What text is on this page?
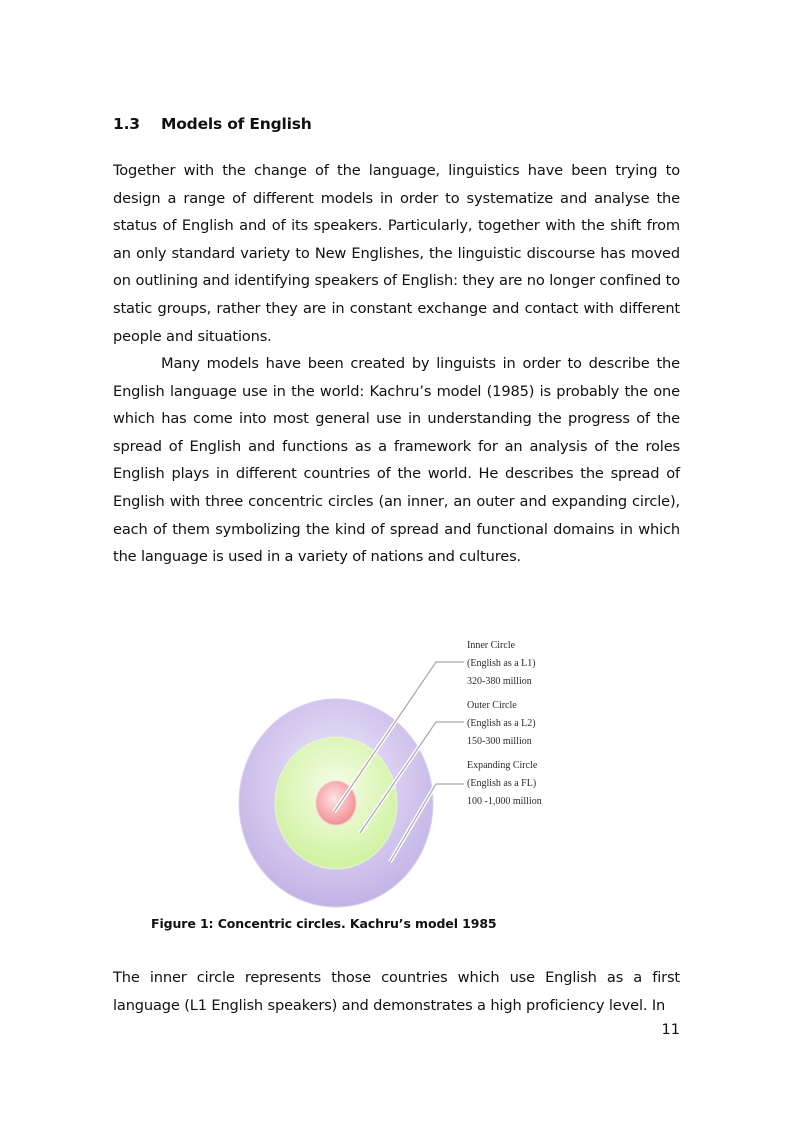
1.3 Models of English

Together with the change of the language, linguistics have been trying to design a range of different models in order to systematize and analyse the status of English and of its speakers. Particularly, together with the shift from an only standard variety to New Englishes, the linguistic discourse has moved on outlining and identifying speakers of English: they are no longer confined to static groups, rather they are in constant exchange and contact with different people and situations.

Many models have been created by linguists in order to describe the English language use in the world: Kachru’s model (1985) is probably the one which has come into most general use in understanding the progress of the spread of English and functions as a framework for an analysis of the roles English plays in different countries of the world. He describes the spread of English with three concentric circles (an inner, an outer and expanding circle), each of them symbolizing the kind of spread and functional domains in which the language is used in a variety of nations and cultures.

Inner Circle
(English as a L1)
320-380 million
Outer Circle
(English as a L2)
150-300 million
Expanding Circle
(English as a FL)
100 -1,000 million
Figure 1: Concentric circles. Kachru’s model 1985

The inner circle represents those countries which use English as a first language (L1 English speakers) and demonstrates a high proficiency level. In

11
